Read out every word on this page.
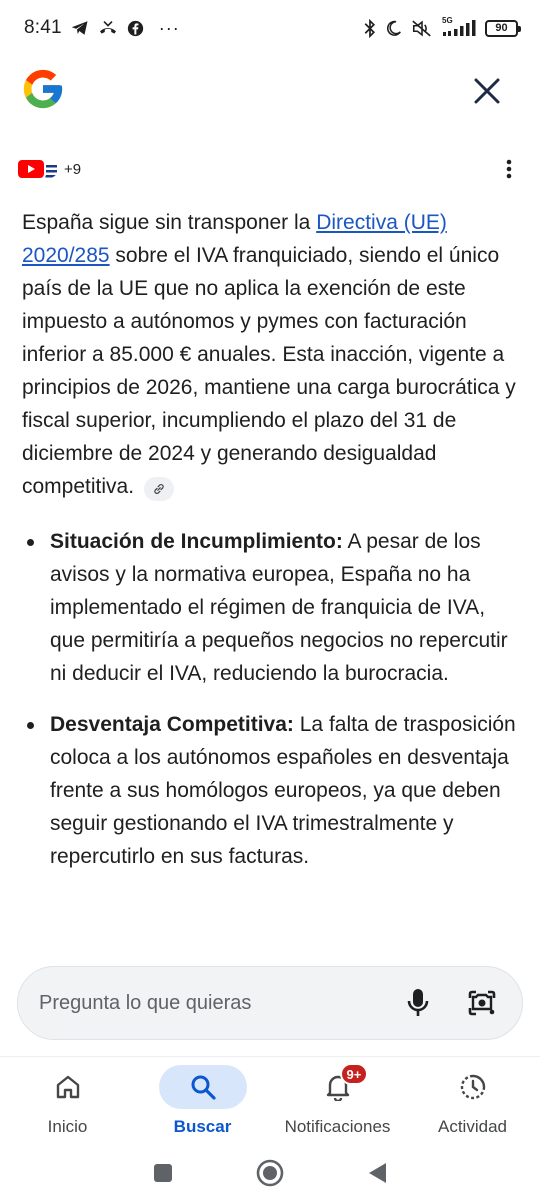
8:41	···	5G
90
+9
España sigue sin transponer la Directiva (UE) 2020/285 sobre el IVA franquiciado, siendo el único país de la UE que no aplica la exención de este impuesto a autónomos y pymes con facturación inferior a 85.000 € anuales. Esta inacción, vigente a principios de 2026, mantiene una carga burocrática y fiscal superior, incumpliendo el plazo del 31 de diciembre de 2024 y generando desigualdad competitiva.
Situación de Incumplimiento: A pesar de los avisos y la normativa europea, España no ha implementado el régimen de franquicia de IVA, que permitiría a pequeños negocios no repercutir ni deducir el IVA, reduciendo la burocracia.
Desventaja Competitiva: La falta de trasposición coloca a los autónomos españoles en desventaja frente a sus homólogos europeos, ya que deben seguir gestionando el IVA trimestralmente y repercutirlo en sus facturas.
Pregunta lo que quieras
Inicio	Buscar
9+
Notificaciones	Actividad
